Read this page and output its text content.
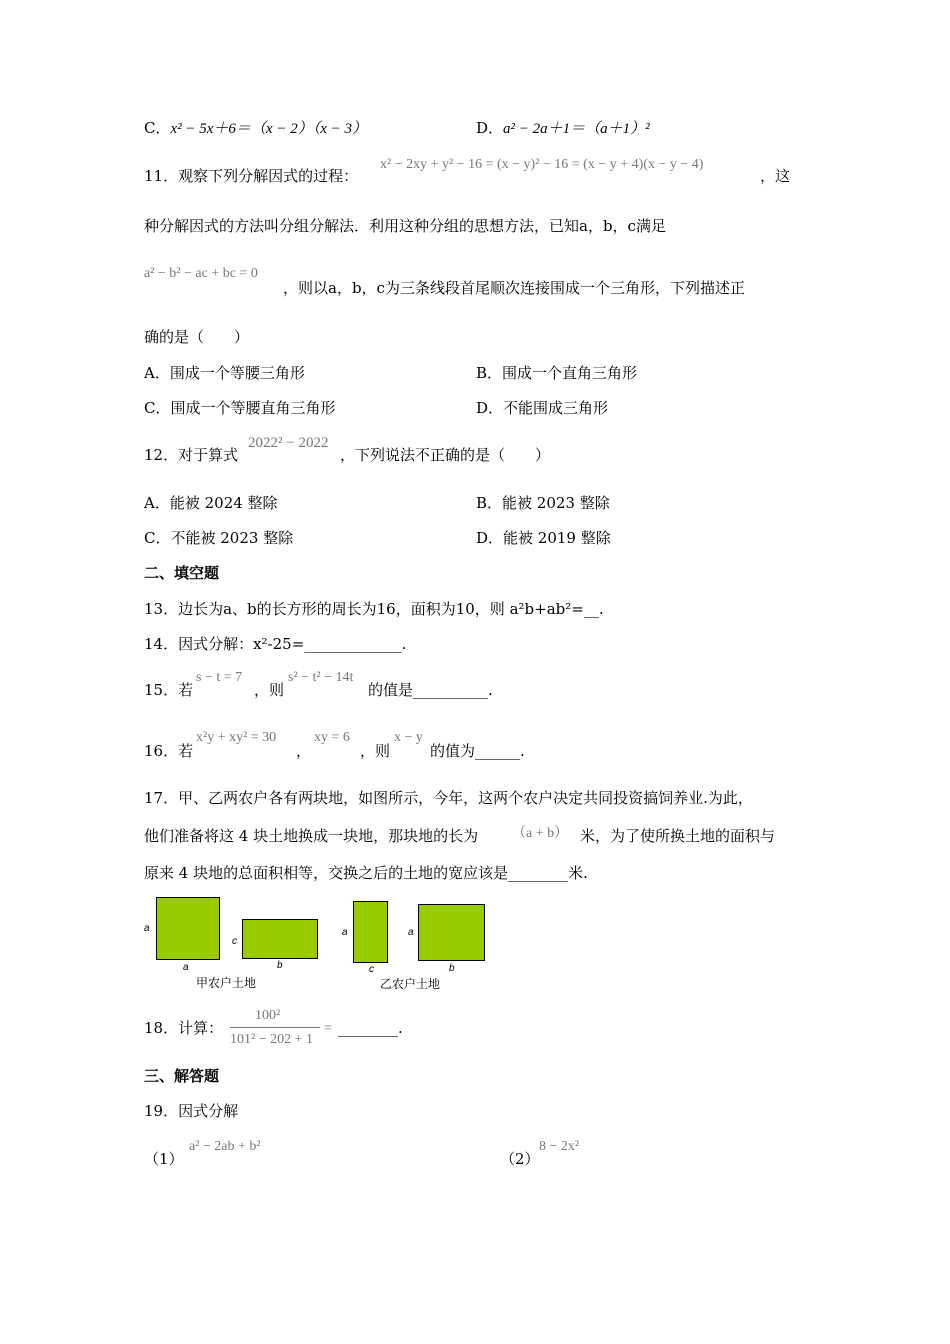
C．x² − 5x＋6＝（x − 2）（x − 3）	D．a² − 2a＋1＝（a＋1）²
11．观察下列分解因式的过程：
x² − 2xy + y² − 16 = (x − y)² − 16 = (x − y + 4)(x − y − 4)
，这
种分解因式的方法叫分组分解法．利用这种分组的思想方法，已知a，b，c满足
a² − b² − ac + bc = 0
，则以a，b，c为三条线段首尾顺次连接围成一个三角形，下列描述正
确的是（　　）
A．围成一个等腰三角形	B．围成一个直角三角形
C．围成一个等腰直角三角形	D．不能围成三角形
12．对于算式
2022² − 2022
，下列说法不正确的是（　　）
A．能被 2024 整除	B．能被 2023 整除
C．不能被 2023 整除	D．能被 2019 整除
二、填空题
13．边长为a、b的长方形的周长为16，面积为10，则 a²b+ab²=__.
14．因式分解：x²-25=_____________.
15．若
s − t = 7
，则
s² − t² − 14t
的值是__________.
16．若
x²y + xy² = 30
，
xy = 6
，则
x − y
的值为______.
17．甲、乙两农户各有两块地，如图所示，今年，这两个农户决定共同投资搞饲养业.为此，
他们准备将这 4 块土地换成一块地，那块地的长为 （a + b） 米，为了使所换土地的面积与
原来 4 块地的总面积相等，交换之后的土地的宽应该是________米.
a
a
c
b
甲农户土地
a
c
a
b
乙农户土地
18．计算：
100²
101² − 202 + 1
= ________.
三、解答题
19．因式分解
（1）
a² − 2ab + b²
（2）
8 − 2x²
